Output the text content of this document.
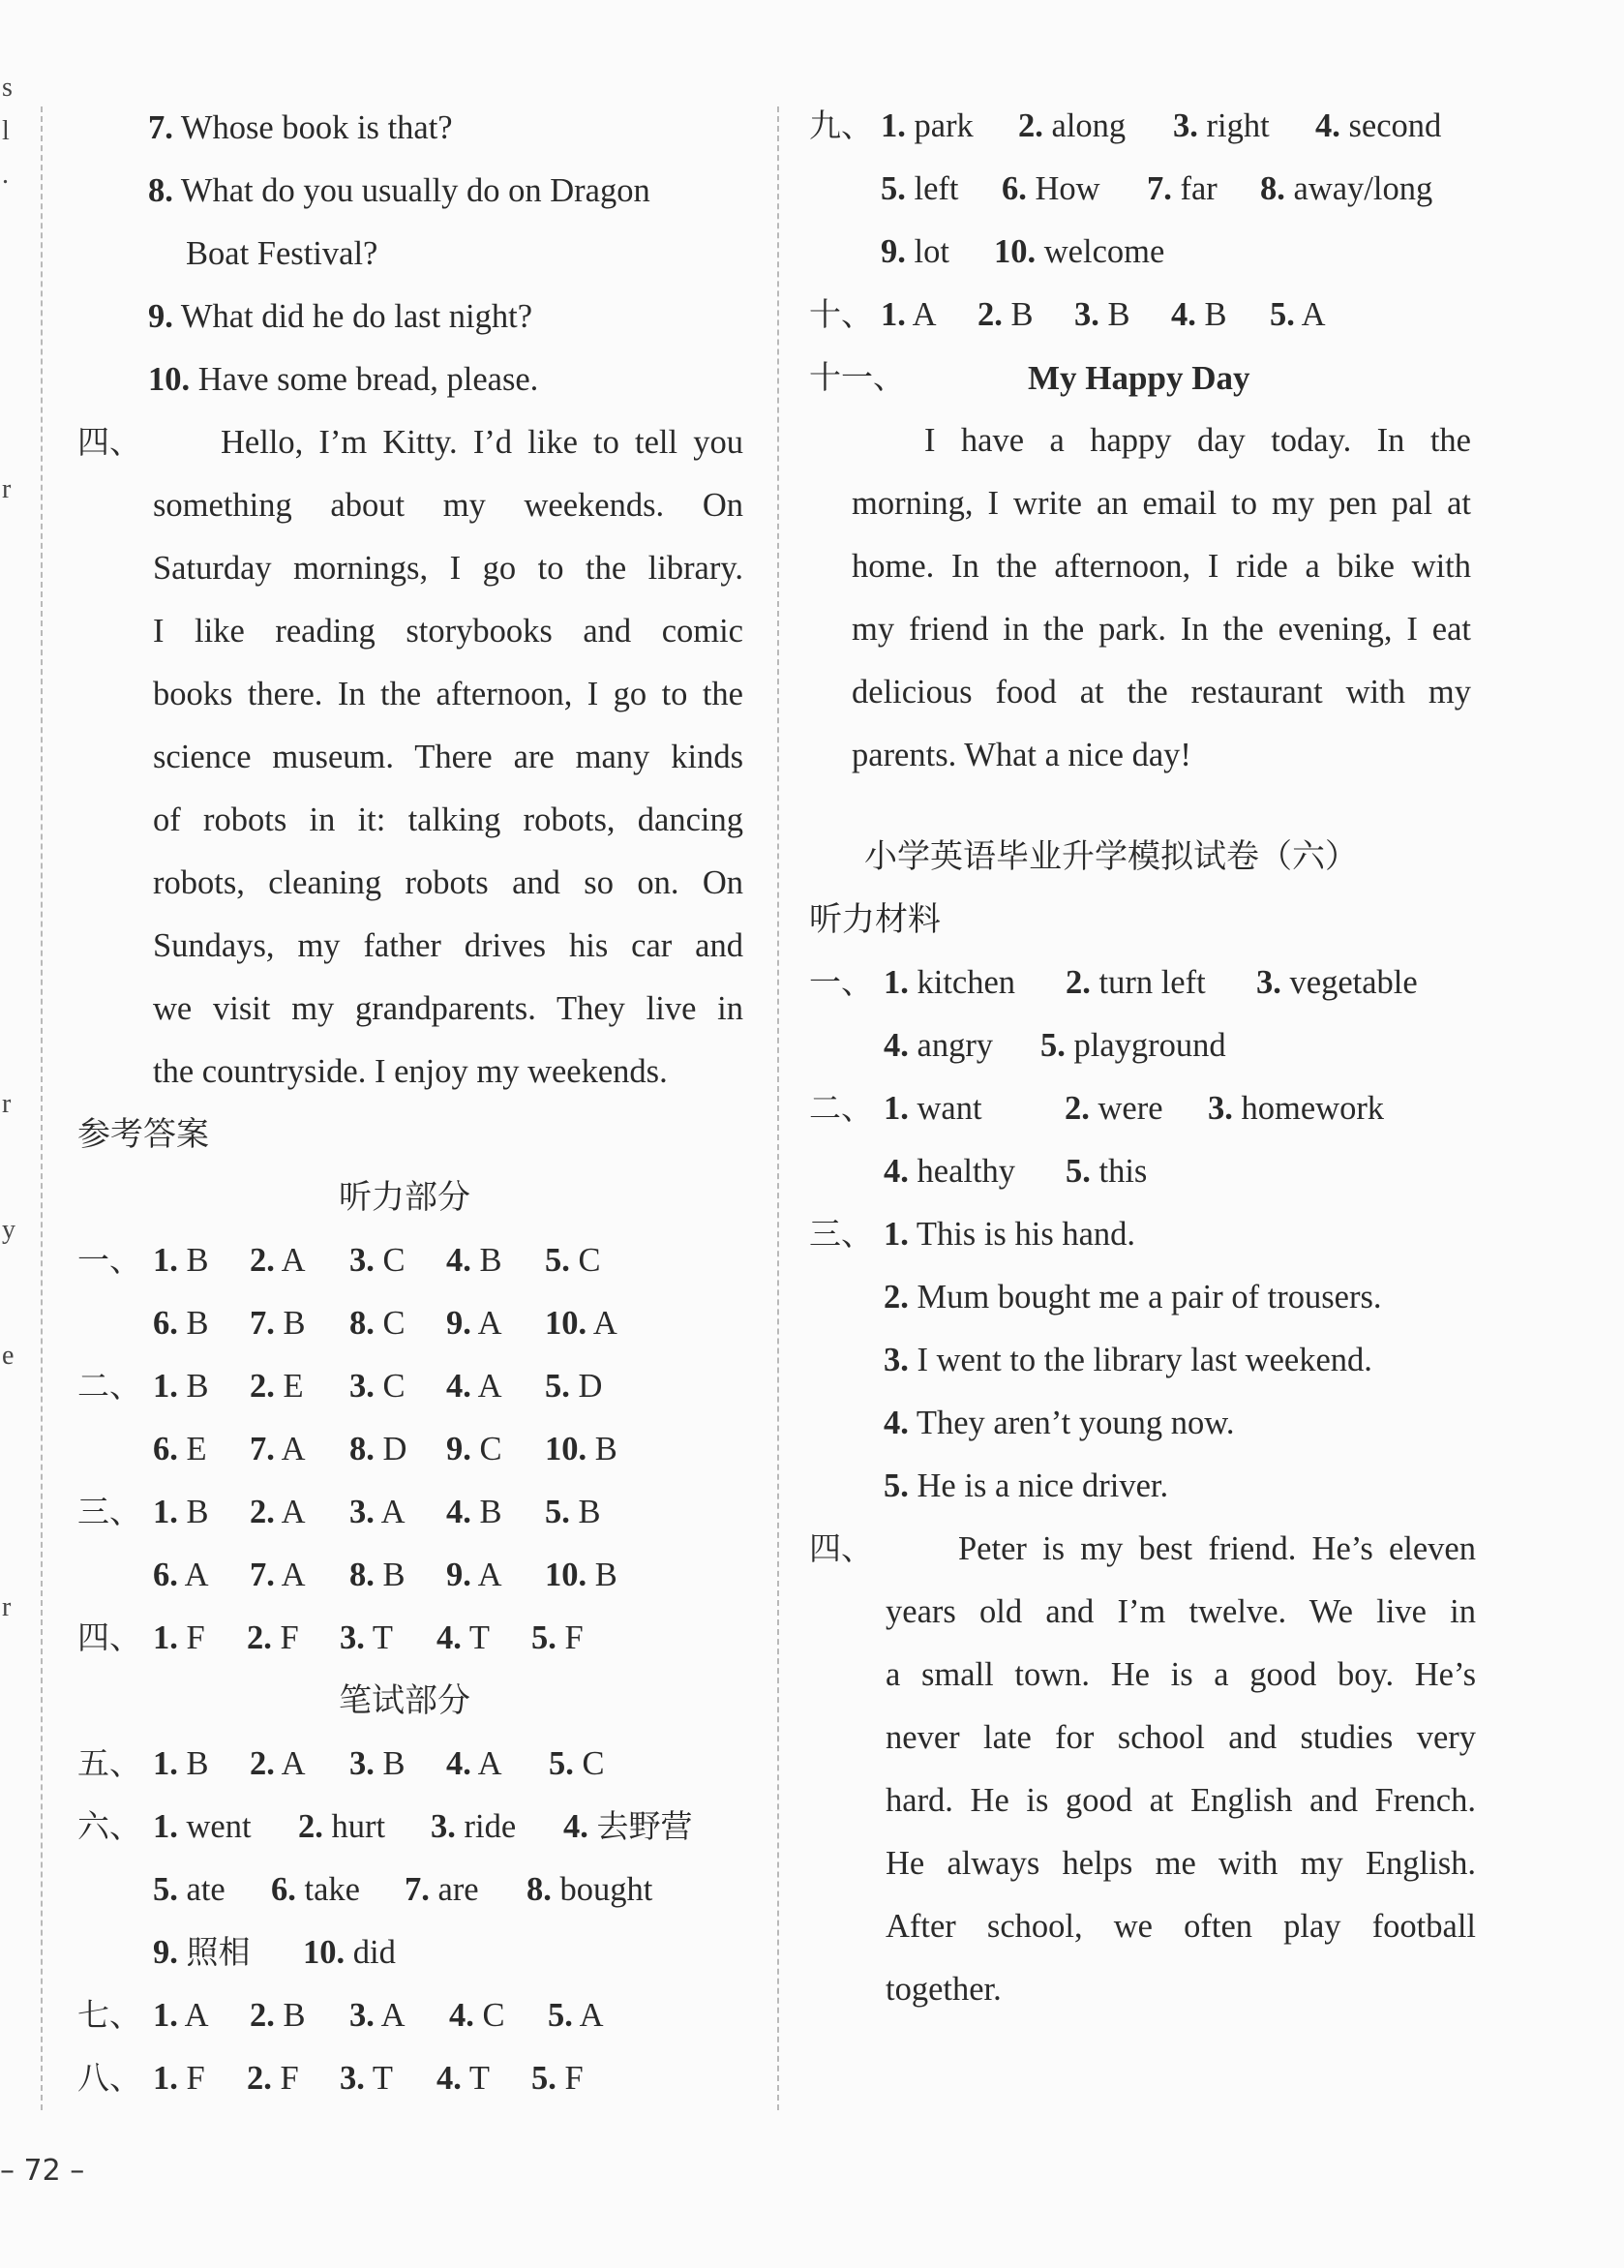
s
l
.
r
r
y
e
r
7. Whose book is that?
8. What do you usually do on Dragon
Boat Festival?
9. What did he do last night?
10. Have some bread, please.
四、 Hello, I’m Kitty. I’d like to tell you
something about my weekends. On
Saturday mornings, I go to the library.
I like reading storybooks and comic
books there. In the afternoon, I go to the
science museum. There are many kinds
of robots in it: talking robots, dancing
robots, cleaning robots and so on. On
Sundays, my father drives his car and
we visit my grandparents. They live in
the countryside. I enjoy my weekends.
参考答案
听力部分
一、 1. B 2. A 3. C 4. B 5. C
6. B 7. B 8. C 9. A 10. A
二、 1. B 2. E 3. C 4. A 5. D
6. E 7. A 8. D 9. C 10. B
三、 1. B 2. A 3. A 4. B 5. B
6. A 7. A 8. B 9. A 10. B
四、 1. F 2. F 3. T 4. T 5. F
笔试部分
五、 1. B 2. A 3. B 4. A 5. C
六、 1. went 2. hurt 3. ride 4. 去野营
5. ate 6. take 7. are 8. bought
9. 照相 10. did
七、 1. A 2. B 3. A 4. C 5. A
八、 1. F 2. F 3. T 4. T 5. F
九、 1. park 2. along 3. right 4. second
5. left 6. How 7. far 8. away/long
9. lot 10. welcome
十、 1. A 2. B 3. B 4. B 5. A
十一、	My Happy Day
I have a happy day today. In the
morning, I write an email to my pen pal at
home. In the afternoon, I ride a bike with
my friend in the park. In the evening, I eat
delicious food at the restaurant with my
parents. What a nice day!
小学英语毕业升学模拟试卷（六）
听力材料
一、 1. kitchen 2. turn left 3. vegetable
4. angry 5. playground
二、 1. want 2. were 3. homework
4. healthy 5. this
三、 1. This is his hand.
2. Mum bought me a pair of trousers.
3. I went to the library last weekend.
4. They aren’t young now.
5. He is a nice driver.
四、	Peter is my best friend. He’s eleven
years old and I’m twelve. We live in
a small town. He is a good boy. He’s
never late for school and studies very
hard. He is good at English and French.
He always helps me with my English.
After school, we often play football
together.
– 72 –
